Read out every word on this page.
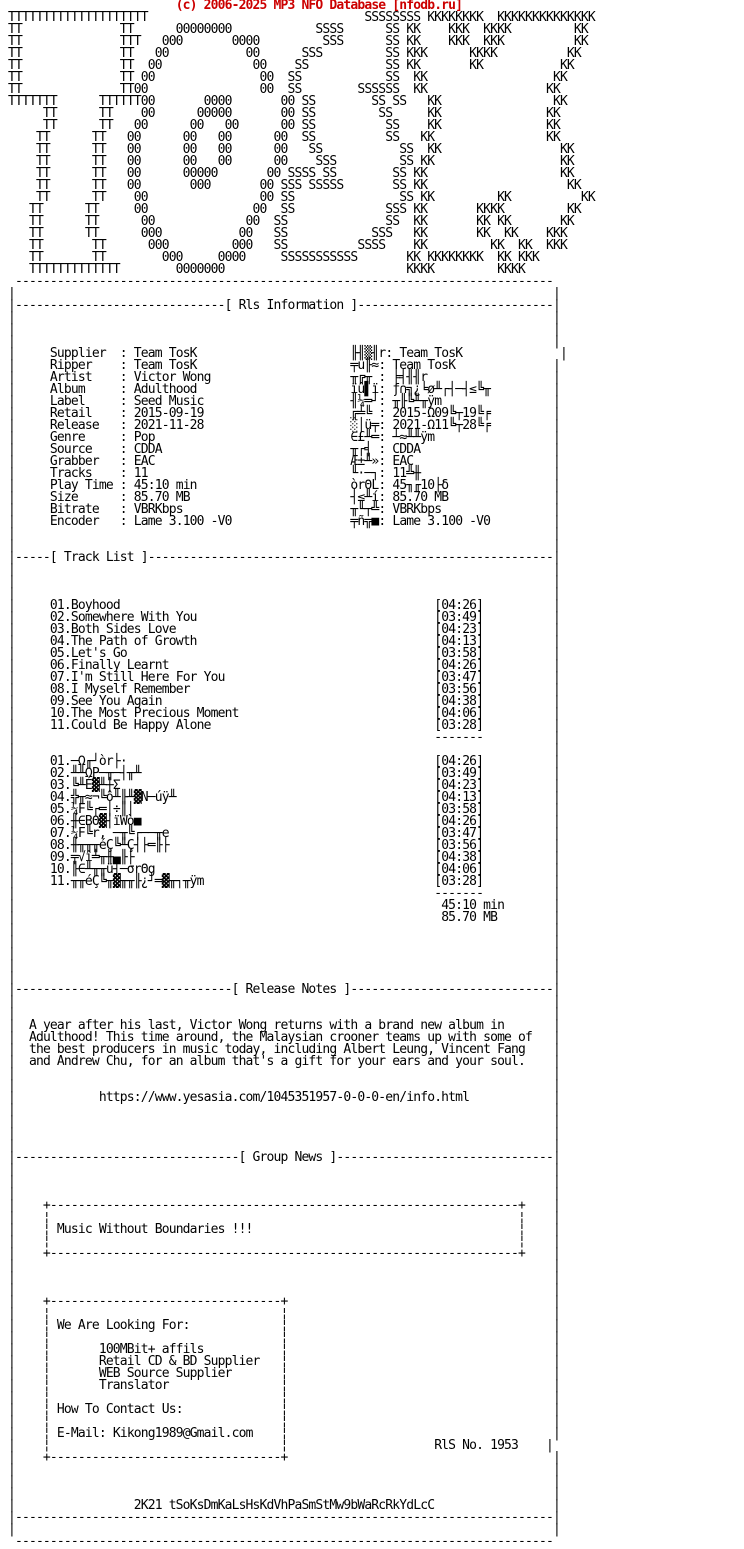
(c) 2006-2025 MP3 NFO Database [nfodb.ru]
TTTTTTTTTTTTTTTTTTTT                               SSSSSSSS KKKKKKKK  KKKKKKKKKKKKKK
TT              TT      00000000            SSSS      SS KK    KKK  KKKK         KK
TT              TTT   000       0000         SSS      SS KK    KKK  KKK          KK
TT              TT   00           00      SSS         SS KKK      KKKK          KK
TT              TT  00             00    SS           SS KK       KK           KK
TT              TT 00               00  SS            SS  KK                  KK
TT              TT00                00  SS        SSSSSS  KK                 KK
TTTTTTT      TTTTTT00       0000       00 SS        SS SS   KK                KK
TT      TT    00      00000       00 SS         SS     KK               KK
TT      TT   00      00   00      00 SS          SS    KK               KK
TT      TT   00      00   00      00  SS          SS   KK                KK
TT      TT   00      00   00      00   SS           SS  KK                 KK
TT      TT   00      00   00      00    SSS         SS KK                  KK
TT      TT   00      00000       00 SSSS SS        SS KK                   KK
TT      TT   00       000       00 SSS SSSSS       SS KK                    KK
TT      TT    00                00 SS               SS KK         KK          KK
TT      TT     00               00  SS             SSS KK       KKKK         KK
TT      TT      00             00  SS              SS  KK       KK KK       KK
TT      TT      000           00   SS            SSS   KK       KK  KK    KKK
TT       TT      000         000   SS          SSSS    KK         KK  KK  KKK
TT       TT        000     0000     SSSSSSSSSSS       KK KKKKKKKK  KK KKK
TTTTTTTTTTTTT        0000000                          KKKK         KKKK
-----------------------------------------------------------------------------
|                                                                             |
|------------------------------[ Rls Information ]----------------------------|
|                                                                             |
|                                                                             |
|                                                                             |
|     Supplier  : Team TosK	╟╢▒╢r: Team TosK              |
|     Ripper    : Team TosK	╤u╟≈: Team TosK              |
|     Artist    : Victor Wong	╥╔╥ : ╞╡╢╢r                  |
|     Album     : Adulthood	ïû▌ï: ƒ∩╗¿╘ø╨┌┤─┤≤╚╥         |
|     Label     : Seed Music	╢¼═┘: ╥╟╚╨╥ÿm                |
|     Retail    : 2015-09-19	╔╧╚ : 2015-Ω09╚┬19╚╒         |
|     Release   : 2021-11-28	░│ü╤: 2021-Ω11╚┬28╚╒         |
|     Genre     : Pop	∈£╨═: ┴≈╨╨ÿm                 |
|     Source    : CDDA	╥┌╡ : CDDA                   |
|     Grabber   : EAC	Æ±╨»: EAC                    |
|     Tracks    : 11	╙·─┐: 11╩╫                   |
|     Play Time : 45:10 min	òrΘL: 45╖╓10├δ               |
|     Size      : 85.70 MB	┤≤╨í: 85.70 MB               |
|     Bitrate   : VBRKbps	╥╙┬╩: VBRKbps                |
|     Encoder   : Lame 3.100 -V0	╤ñ╦■: Lame 3.100 -V0         |
|                                                                             |
|                                                                             |
|-----[ Track List ]----------------------------------------------------------|
|                                                                             |
|                                                                             |
|                                                                             |
|     01.Boyhood	[04:26]          |
|     02.Somewhere With You	[03:49]          |
|     03.Both Sides Love	[04:23]          |
|     04.The Path of Growth	[04:13]          |
|     05.Let's Go	[03:58]          |
|     06.Finally Learnt	[04:26]          |
|     07.I'm Still Here For You	[03:47]          |
|     08.I Myself Remember	[03:56]          |
|     09.See You Again	[04:38]          |
|     10.The Most Precious Moment	[04:06]          |
|     11.Could Be Happy Alone	[03:28]          |
|                                                            -------          |
|                                                                             |
|     01.─Ω╓┘òr├·	[04:26]          |
|     02.╨╨ΩP─╥─┤╥╨	[03:49]          |
|     03.╚╨É▓╨┼Σ	[04:23]          |
|     04.╬╥≈¬╚ô╨╟╨▓N─úÿ╨	[04:13]          |
|     05.¼F╚┌═│÷║│	[03:58]          |
|     06.╫∈BΘ▓┤ïWò■	[04:26]          |
|     07.¼F╚r, ─╥╚┌──╥e	[03:47]          |
|     08.╫╥╥╥éÇ╚╨Ç┤├═╟├	[03:56]          |
|     09.╤√î╧╥╫▄╟├	[04:38]          |
|     10.╟∈╨╥╥ü┤─σrΘg	[04:06]          |
|     11.╥╥éÇ╚╥▓╥╥╟¿┘═▓╥┐╥ÿm	[03:28]          |
|                                                            -------          |
|                                                             45:10 min       |
|                                                             85.70 MB        |
|                                                                             |
|                                                                             |
|                                                                             |
|                                                                             |
|                                                                             |
|-------------------------------[ Release Notes ]-----------------------------|
|                                                                             |
|                                                                             |
|  A year after his last, Victor Wong returns with a brand new album in       |
|  Adulthood! This time around, the Malaysian crooner teams up with some of   |
|  the best producers in music today, including Albert Leung, Vincent Fang    |
|  and Andrew Chu, for an album that's a gift for your ears and your soul.    |
|                                                                             |
|                                                                             |
|            https://www.yesasia.com/1045351957-0-0-0-en/info.html            |
|                                                                             |
|                                                                             |
|                                                                             |
|                                                                             |
|--------------------------------[ Group News ]-------------------------------|
|                                                                             |
|                                                                             |
|                                                                             |
|    +-------------------------------------------------------------------+    |
|    ¦                                                                   ¦    |
|    ¦ Music Without Boundaries !!!                                      ¦    |
|    ¦                                                                   ¦    |
|    +-------------------------------------------------------------------+    |
|                                                                             |
|                                                                             |
|                                                                             |
|    +---------------------------------+                                      |
|    ¦                                 ¦                                      |
|    ¦ We Are Looking For:             ¦                                      |
|    ¦                                 ¦                                      |
|    ¦       100MBit+ affils           ¦                                      |
|    ¦       Retail CD & BD Supplier   ¦                                      |
|    ¦       WEB Source Supplier       ¦                                      |
|    ¦       Translator                ¦                                      |
|    ¦                                 ¦                                      |
|    ¦ How To Contact Us:              ¦                                      |
|    ¦                                 ¦                                      |
|    ¦ E-Mail: Kikong1989@Gmail.com    ¦                                      |
|    ¦                                 ¦                     RlS No. 1953    |
|    +---------------------------------+                                      |
|                                                                             |
|                                                                             |
|                                                                             |
|                 2K21 tSoKsDmKaLsHsKdVhPaSmStMw9bWaRcRkYdLcC                 |
|-----------------------------------------------------------------------------|
|                                                                             |
-----------------------------------------------------------------------------
